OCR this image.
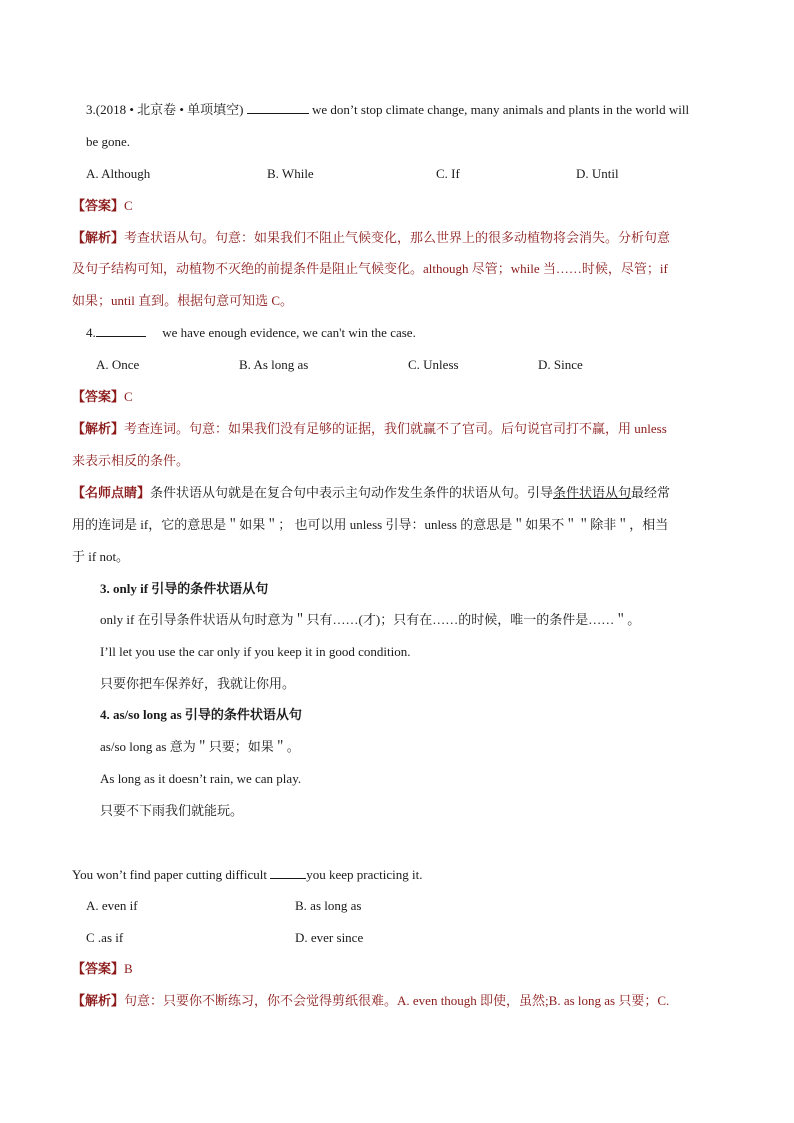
3.(2018 • 北京卷 • 单项填空)	we don’t stop climate change, many animals and plants in the world will
be gone.
A. Although	B. While	C. If	D. Until
【答案】C
【解析】考查状语从句。句意：如果我们不阻止气候变化，那么世界上的很多动植物将会消失。分析句意
及句子结构可知，动植物不灭绝的前提条件是阻止气候变化。although 尽管；while 当……时候，尽管；if
如果；until 直到。根据句意可知选 C。
4.	we have enough evidence, we can't win the case.
A. Once	B. As long as	C. Unless	D. Since
【答案】C
【解析】考查连词。句意：如果我们没有足够的证据，我们就赢不了官司。后句说官司打不赢，用 unless
来表示相反的条件。
【名师点睛】条件状语从句就是在复合句中表示主句动作发生条件的状语从句。引导条件状语从句最经常
用的连词是 if，它的意思是＂如果＂； 也可以用 unless 引导：unless 的意思是＂如果不＂＂除非＂，相当
于 if not。
3. only if 引导的条件状语从句
only if 在引导条件状语从句时意为＂只有……(才)；只有在……的时候，唯一的条件是……＂。
I’ll let you use the car only if you keep it in good condition.
只要你把车保养好，我就让你用。
4. as/so long as 引导的条件状语从句
as/so long as 意为＂只要；如果＂。
As long as it doesn’t rain, we can play.
只要不下雨我们就能玩。
You won’t find paper cutting difficult	you keep practicing it.
A. even if	B. as long as
C .as if	D. ever since
【答案】B
【解析】句意：只要你不断练习，你不会觉得剪纸很难。A. even though 即使，虽然;B. as long as 只要；C.
